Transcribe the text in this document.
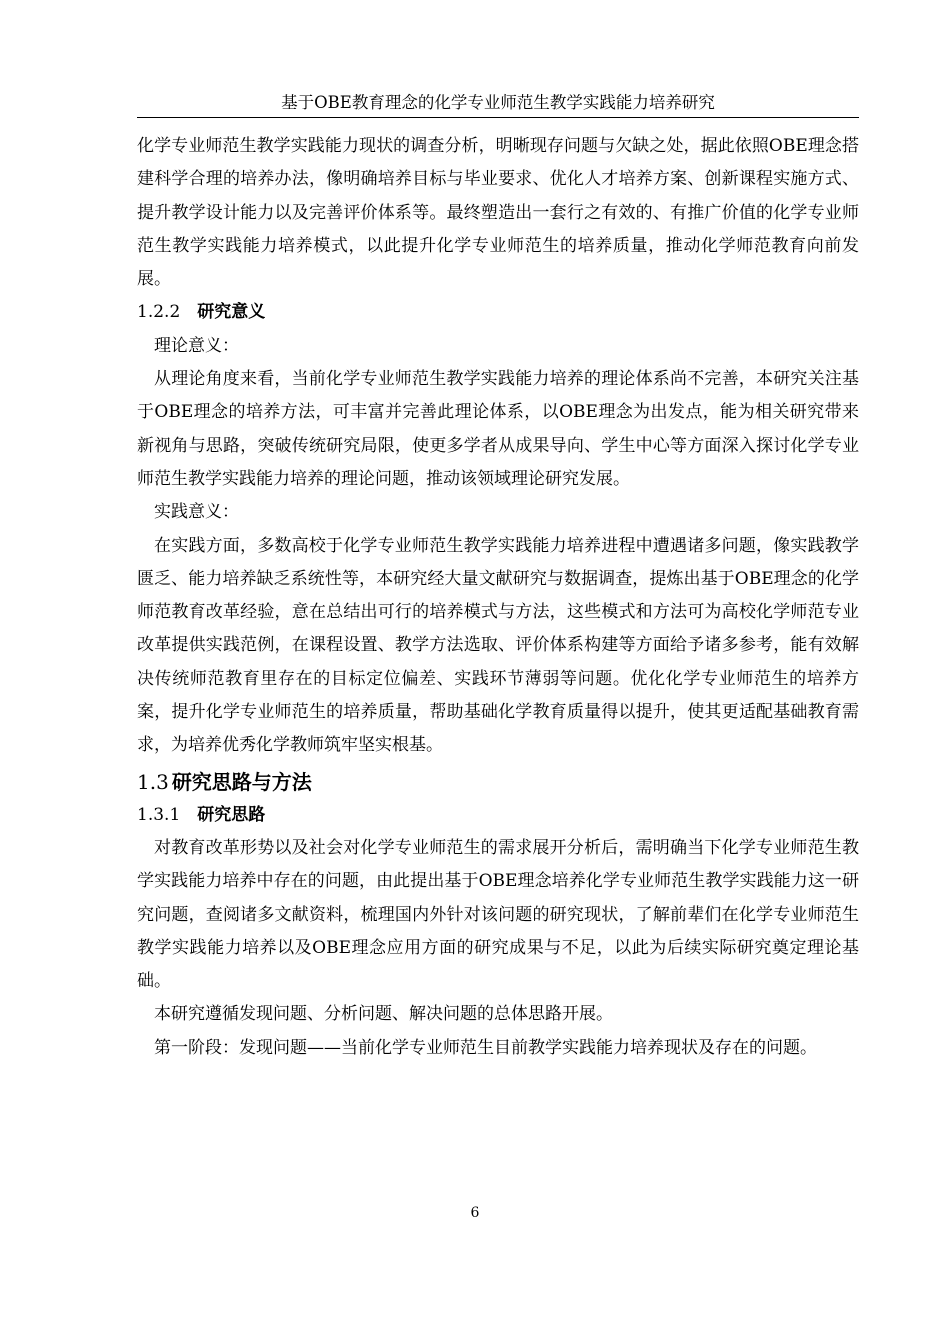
基于OBE教育理念的化学专业师范生教学实践能力培养研究

化学专业师范生教学实践能力现状的调查分析，明晰现存问题与欠缺之处，据此依照OBE理念搭建科学合理的培养办法，像明确培养目标与毕业要求、优化人才培养方案、创新课程实施方式、提升教学设计能力以及完善评价体系等。最终塑造出一套行之有效的、有推广价值的化学专业师范生教学实践能力培养模式，以此提升化学专业师范生的培养质量，推动化学师范教育向前发展。

1.2.2 研究意义

理论意义：

从理论角度来看，当前化学专业师范生教学实践能力培养的理论体系尚不完善，本研究关注基于OBE理念的培养方法，可丰富并完善此理论体系，以OBE理念为出发点，能为相关研究带来新视角与思路，突破传统研究局限，使更多学者从成果导向、学生中心等方面深入探讨化学专业师范生教学实践能力培养的理论问题，推动该领域理论研究发展。

实践意义：

在实践方面，多数高校于化学专业师范生教学实践能力培养进程中遭遇诸多问题，像实践教学匮乏、能力培养缺乏系统性等，本研究经大量文献研究与数据调查，提炼出基于OBE理念的化学师范教育改革经验，意在总结出可行的培养模式与方法，这些模式和方法可为高校化学师范专业改革提供实践范例，在课程设置、教学方法选取、评价体系构建等方面给予诸多参考，能有效解决传统师范教育里存在的目标定位偏差、实践环节薄弱等问题。优化化学专业师范生的培养方案，提升化学专业师范生的培养质量，帮助基础化学教育质量得以提升，使其更适配基础教育需求，为培养优秀化学教师筑牢坚实根基。

1.3 研究思路与方法
1.3.1 研究思路

对教育改革形势以及社会对化学专业师范生的需求展开分析后，需明确当下化学专业师范生教学实践能力培养中存在的问题，由此提出基于OBE理念培养化学专业师范生教学实践能力这一研究问题，查阅诸多文献资料，梳理国内外针对该问题的研究现状，了解前辈们在化学专业师范生教学实践能力培养以及OBE理念应用方面的研究成果与不足，以此为后续实际研究奠定理论基础。

本研究遵循发现问题、分析问题、解决问题的总体思路开展。

第一阶段：发现问题——当前化学专业师范生目前教学实践能力培养现状及存在的问题。

6
